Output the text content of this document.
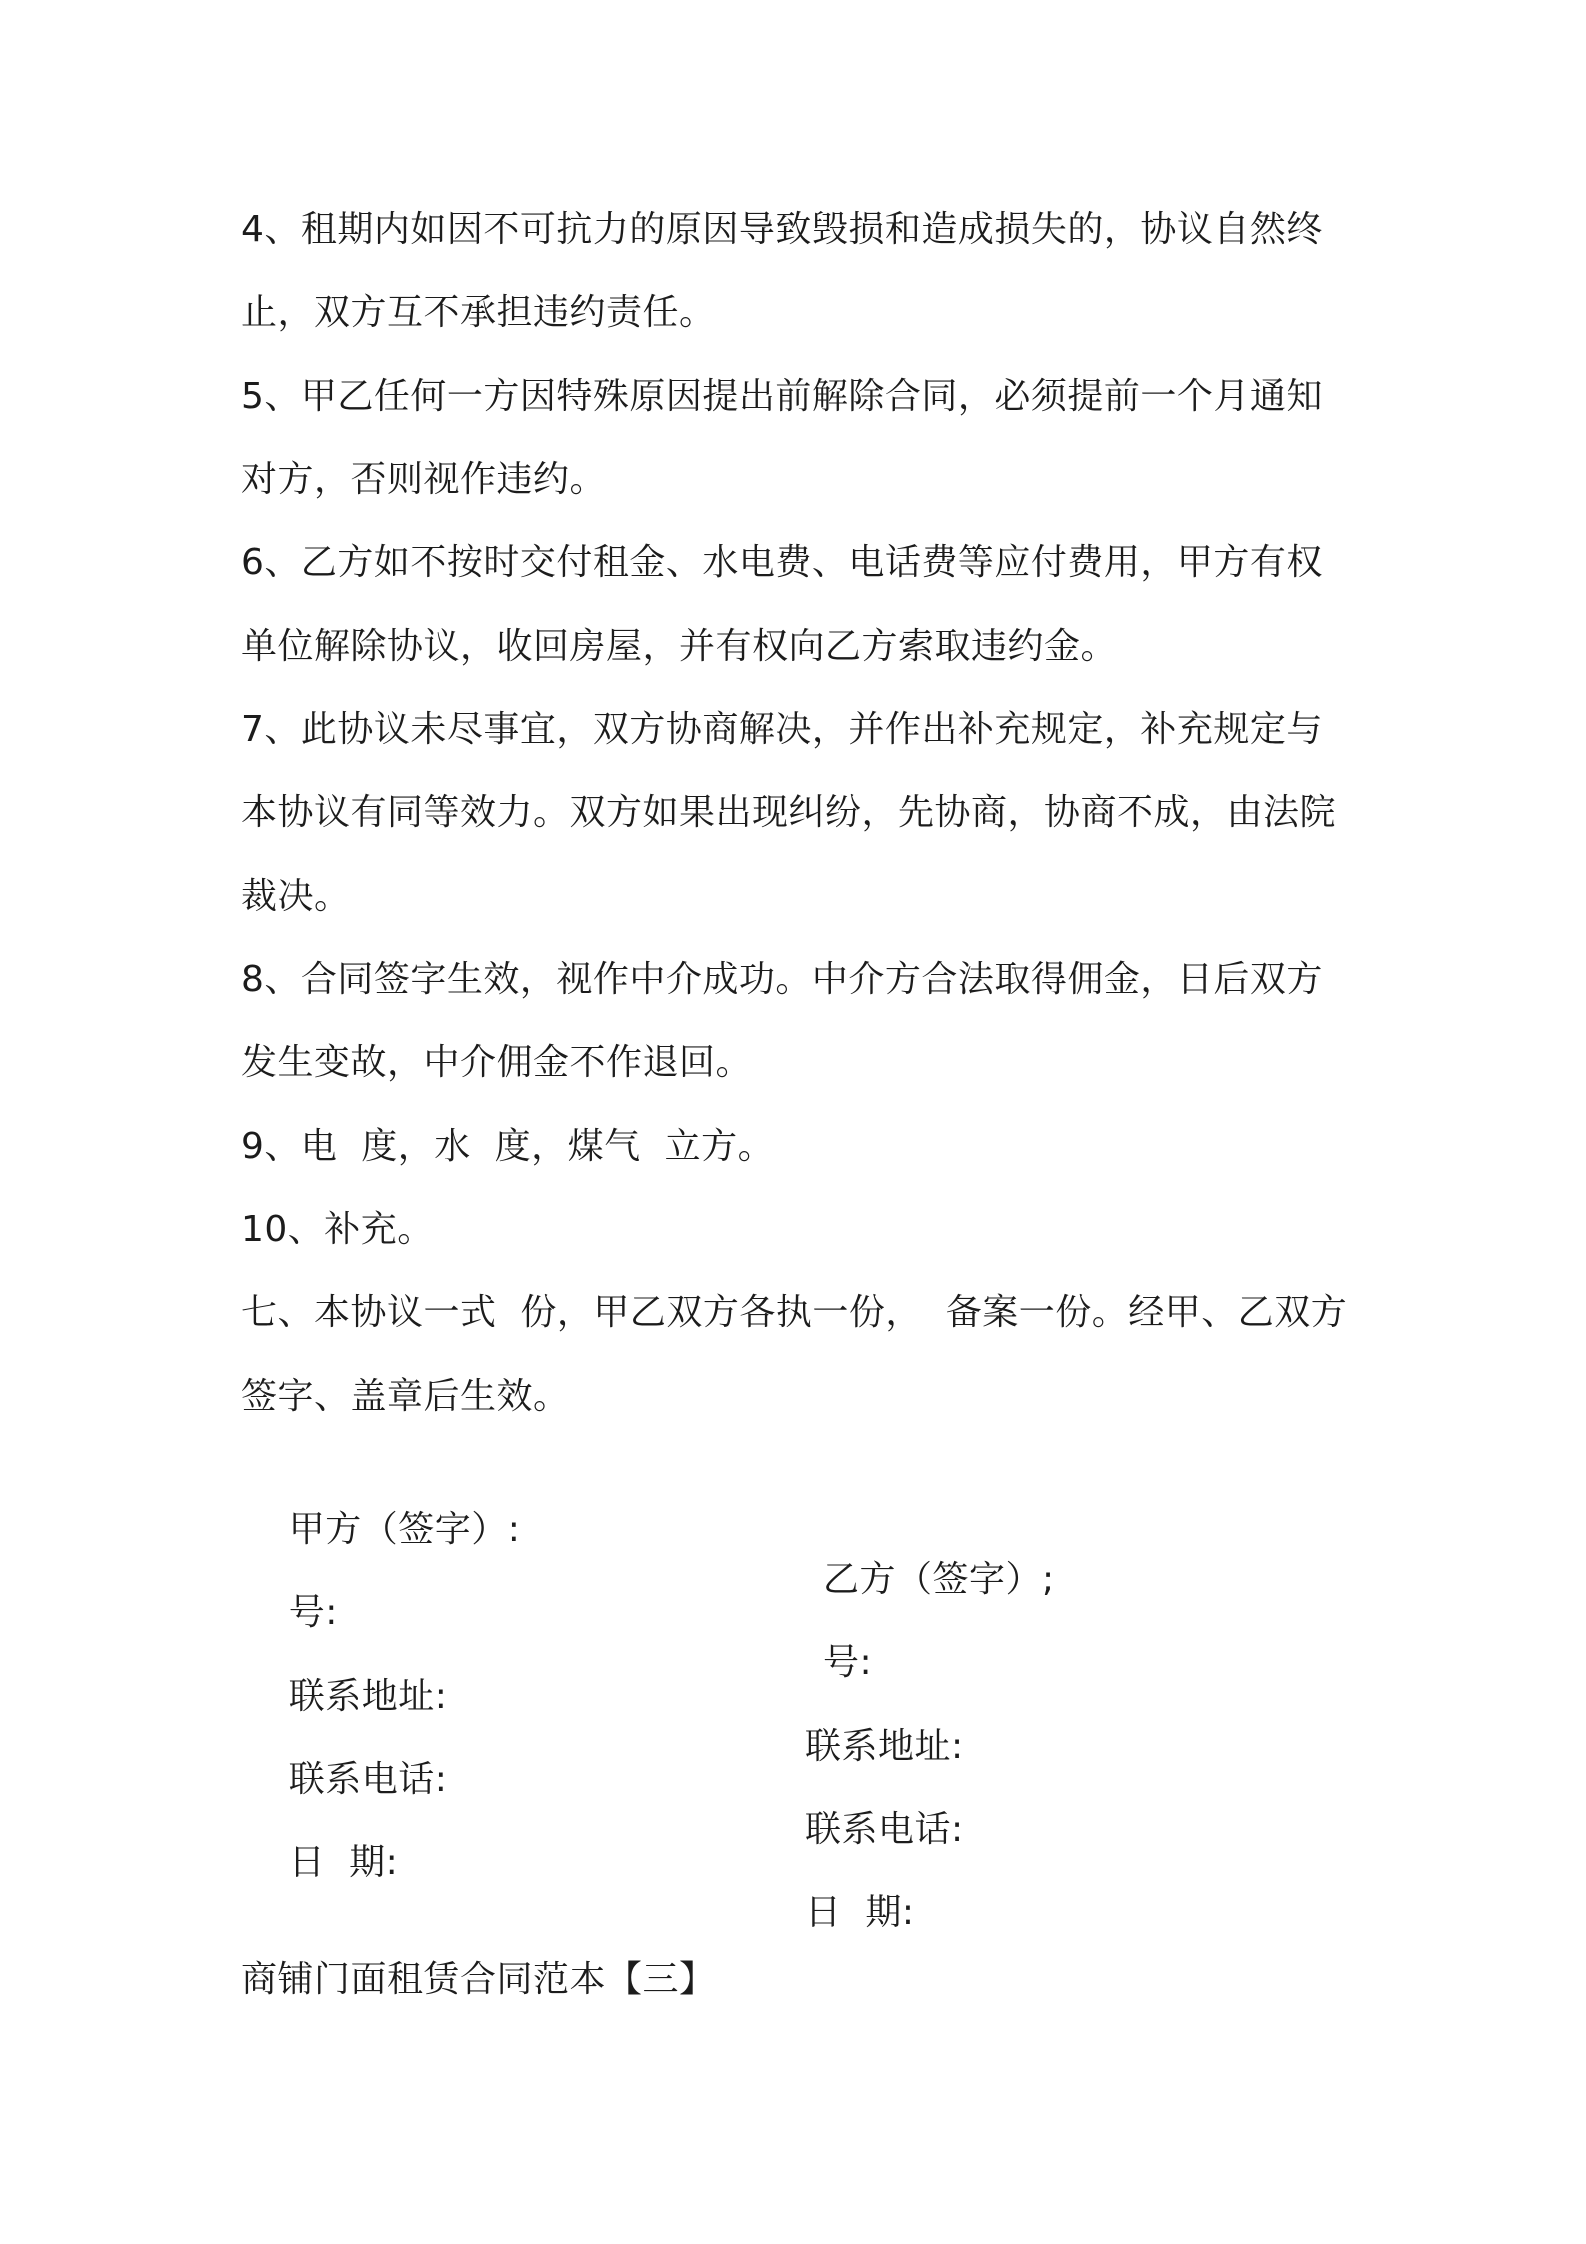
4、租期内如因不可抗力的原因导致毁损和造成损失的，协议自然终
止，双方互不承担违约责任。
5、甲乙任何一方因特殊原因提出前解除合同，必须提前一个月通知
对方，否则视作违约。
6、乙方如不按时交付租金、水电费、电话费等应付费用，甲方有权
单位解除协议，收回房屋，并有权向乙方索取违约金。
7、此协议未尽事宜，双方协商解决，并作出补充规定，补充规定与
本协议有同等效力。双方如果出现纠纷，先协商，协商不成，由法院
裁决。
8、合同签字生效，视作中介成功。中介方合法取得佣金，日后双方
发生变故，中介佣金不作退回。
9、电  度，水  度，煤气  立方。
10、补充。
七、本协议一式  份，甲乙双方各执一份，  备案一份。经甲、乙双方
签字、盖章后生效。

甲方（签字）:

乙方（签字）;

号:

号:

联系地址:

联系地址:

联系电话:

联系电话:

日  期:

日  期:

商铺门面租赁合同范本【三】
